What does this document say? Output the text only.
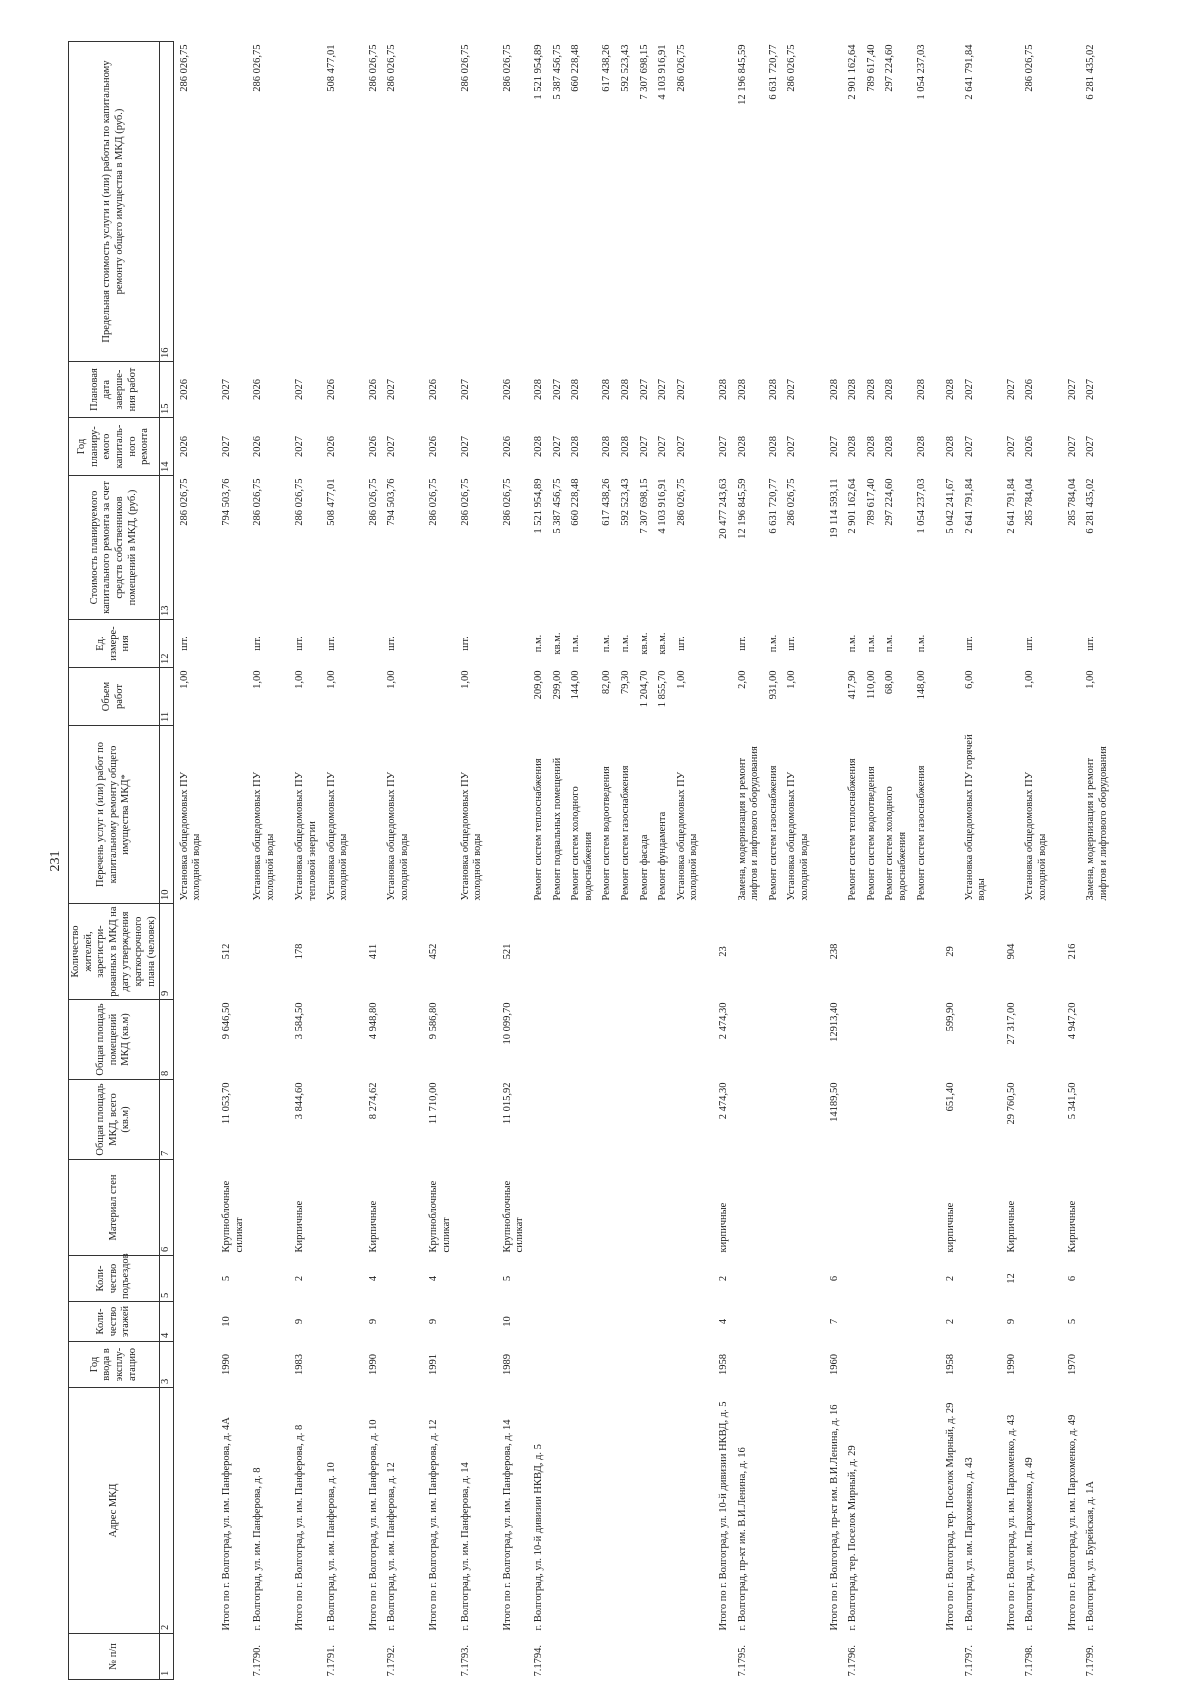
231
№ п/п	Адрес МКД	Год ввода в эксплу-атацию	Коли-чество этажей	Коли-чество подъездов	Материал стен	Общая площадь МКД, всего (кв.м)	Общая площадь помещений МКД (кв.м)	Количество жителей, зарегистри-рованных в МКД на дату утверждения краткосрочного плана (человек)	Перечень услуг и (или) работ по капитальному ремонту общего имущества МКД*	Объем работ	Ед. измере-ния	Стоимость планируемого капитального ремонта за счет средств собственников помещений в МКД, (руб.)	Год планиру-емого капиталь-ного ремонта	Плановая дата заверше-ния работ	Предельная стоимость услуги и (или) работы по капитальному ремонту общего имущества в МКД (руб.)
1	2	3	4	5	6	7	8	9	10	11	12	13	14	15	16
									Установка общедомовых ПУ холодной воды	1,00	шт.	286 026,75	2026	2026	286 026,75
	Итого по г. Волгоград, ул. им. Панферова, д. 4А	1990	10	5	Крупноблочные силикат	11 053,70	9 646,50	512				794 503,76	2027	2027	
7.1790.	г. Волгоград, ул. им. Панферова, д. 8								Установка общедомовых ПУ холодной воды	1,00	шт.	286 026,75	2026	2026	286 026,75
	Итого по г. Волгоград, ул. им. Панферова, д. 8	1983	9	2	Кирпичные	3 844,60	3 584,50	178	Установка общедомовых ПУ тепловой энергии	1,00	шт.	286 026,75	2027	2027	
7.1791.	г. Волгоград, ул. им. Панферова, д. 10								Установка общедомовых ПУ холодной воды	1,00	шт.	508 477,01	2026	2026	508 477,01
	Итого по г. Волгоград, ул. им. Панферова, д. 10	1990	9	4	Кирпичные	8 274,62	4 948,80	411				286 026,75	2026	2026	286 026,75
7.1792.	г. Волгоград, ул. им. Панферова, д. 12								Установка общедомовых ПУ холодной воды	1,00	шт.	794 503,76	2027	2027	286 026,75
	Итого по г. Волгоград, ул. им. Панферова, д. 12	1991	9	4	Крупноблочные силикат	11 710,00	9 586,80	452				286 026,75	2026	2026	
7.1793.	г. Волгоград, ул. им. Панферова, д. 14								Установка общедомовых ПУ холодной воды	1,00	шт.	286 026,75	2027	2027	286 026,75
	Итого по г. Волгоград, ул. им. Панферова, д. 14	1989	10	5	Крупноблочные силикат	11 015,92	10 099,70	521				286 026,75	2026	2026	286 026,75
7.1794.	г. Волгоград, ул. 10-й дивизии НКВД, д. 5								Ремонт систем теплоснабжения	209,00	п.м.	1 521 954,89	2028	2028	1 521 954,89
									Ремонт подвальных помещений	299,00	кв.м.	5 387 456,75	2027	2027	5 387 456,75
									Ремонт систем холодного водоснабжения	144,00	п.м.	660 228,48	2028	2028	660 228,48
									Ремонт систем водоотведения	82,00	п.м.	617 438,26	2028	2028	617 438,26
									Ремонт систем газоснабжения	79,30	п.м.	592 523,43	2028	2028	592 523,43
									Ремонт фасада	1 204,70	кв.м.	7 307 698,15	2027	2027	7 307 698,15
									Ремонт фундамента	1 855,70	кв.м.	4 103 916,91	2027	2027	4 103 916,91
									Установка общедомовых ПУ холодной воды	1,00	шт.	286 026,75	2027	2027	286 026,75
	Итого по г. Волгоград, ул. 10-й дивизии НКВД, д. 5	1958	4	2	кирпичные	2 474,30	2 474,30	23				20 477 243,63	2027	2028	
7.1795.	г. Волгоград, пр-кт им. В.И.Ленина, д. 16								Замена, модернизация и ремонт лифтов и лифтового оборудования	2,00	шт.	12 196 845,59	2028	2028	12 196 845,59
									Ремонт систем газоснабжения	931,00	п.м.	6 631 720,77	2028	2028	6 631 720,77
									Установка общедомовых ПУ холодной воды	1,00	шт.	286 026,75	2027	2027	286 026,75
	Итого по г. Волгоград, пр-кт им. В.И.Ленина, д. 16	1960	7	6		14189,50	12913,40	238				19 114 593,11	2027	2028	
7.1796.	г. Волгоград, тер. Поселок Мирный, д. 29								Ремонт систем теплоснабжения	417,90	п.м.	2 901 162,64	2028	2028	2 901 162,64
									Ремонт систем водоотведения	110,00	п.м.	789 617,40	2028	2028	789 617,40
									Ремонт систем холодного водоснабжения	68,00	п.м.	297 224,60	2028	2028	297 224,60
									Ремонт систем газоснабжения	148,00	п.м.	1 054 237,03	2028	2028	1 054 237,03
	Итого по г. Волгоград, тер. Поселок Мирный, д. 29	1958	2	2	кирпичные	651,40	599,90	29				5 042 241,67	2028	2028	
7.1797.	г. Волгоград, ул. им. Пархоменко, д. 43								Установка общедомовых ПУ горячей воды	6,00	шт.	2 641 791,84	2027	2027	2 641 791,84
	Итого по г. Волгоград, ул. им. Пархоменко, д. 43	1990	9	12	Кирпичные	29 760,50	27 317,00	904				2 641 791,84	2027	2027	
7.1798.	г. Волгоград, ул. им. Пархоменко, д. 49								Установка общедомовых ПУ холодной воды	1,00	шт.	285 784,04	2026	2026	286 026,75
	Итого по г. Волгоград, ул. им. Пархоменко, д. 49	1970	5	6	Кирпичные	5 341,50	4 947,20	216				285 784,04	2027	2027	
7.1799.	г. Волгоград, ул. Бурейская, д. 1А								Замена, модернизация и ремонт лифтов и лифтового оборудования	1,00	шт.	6 281 435,02	2027	2027	6 281 435,02
